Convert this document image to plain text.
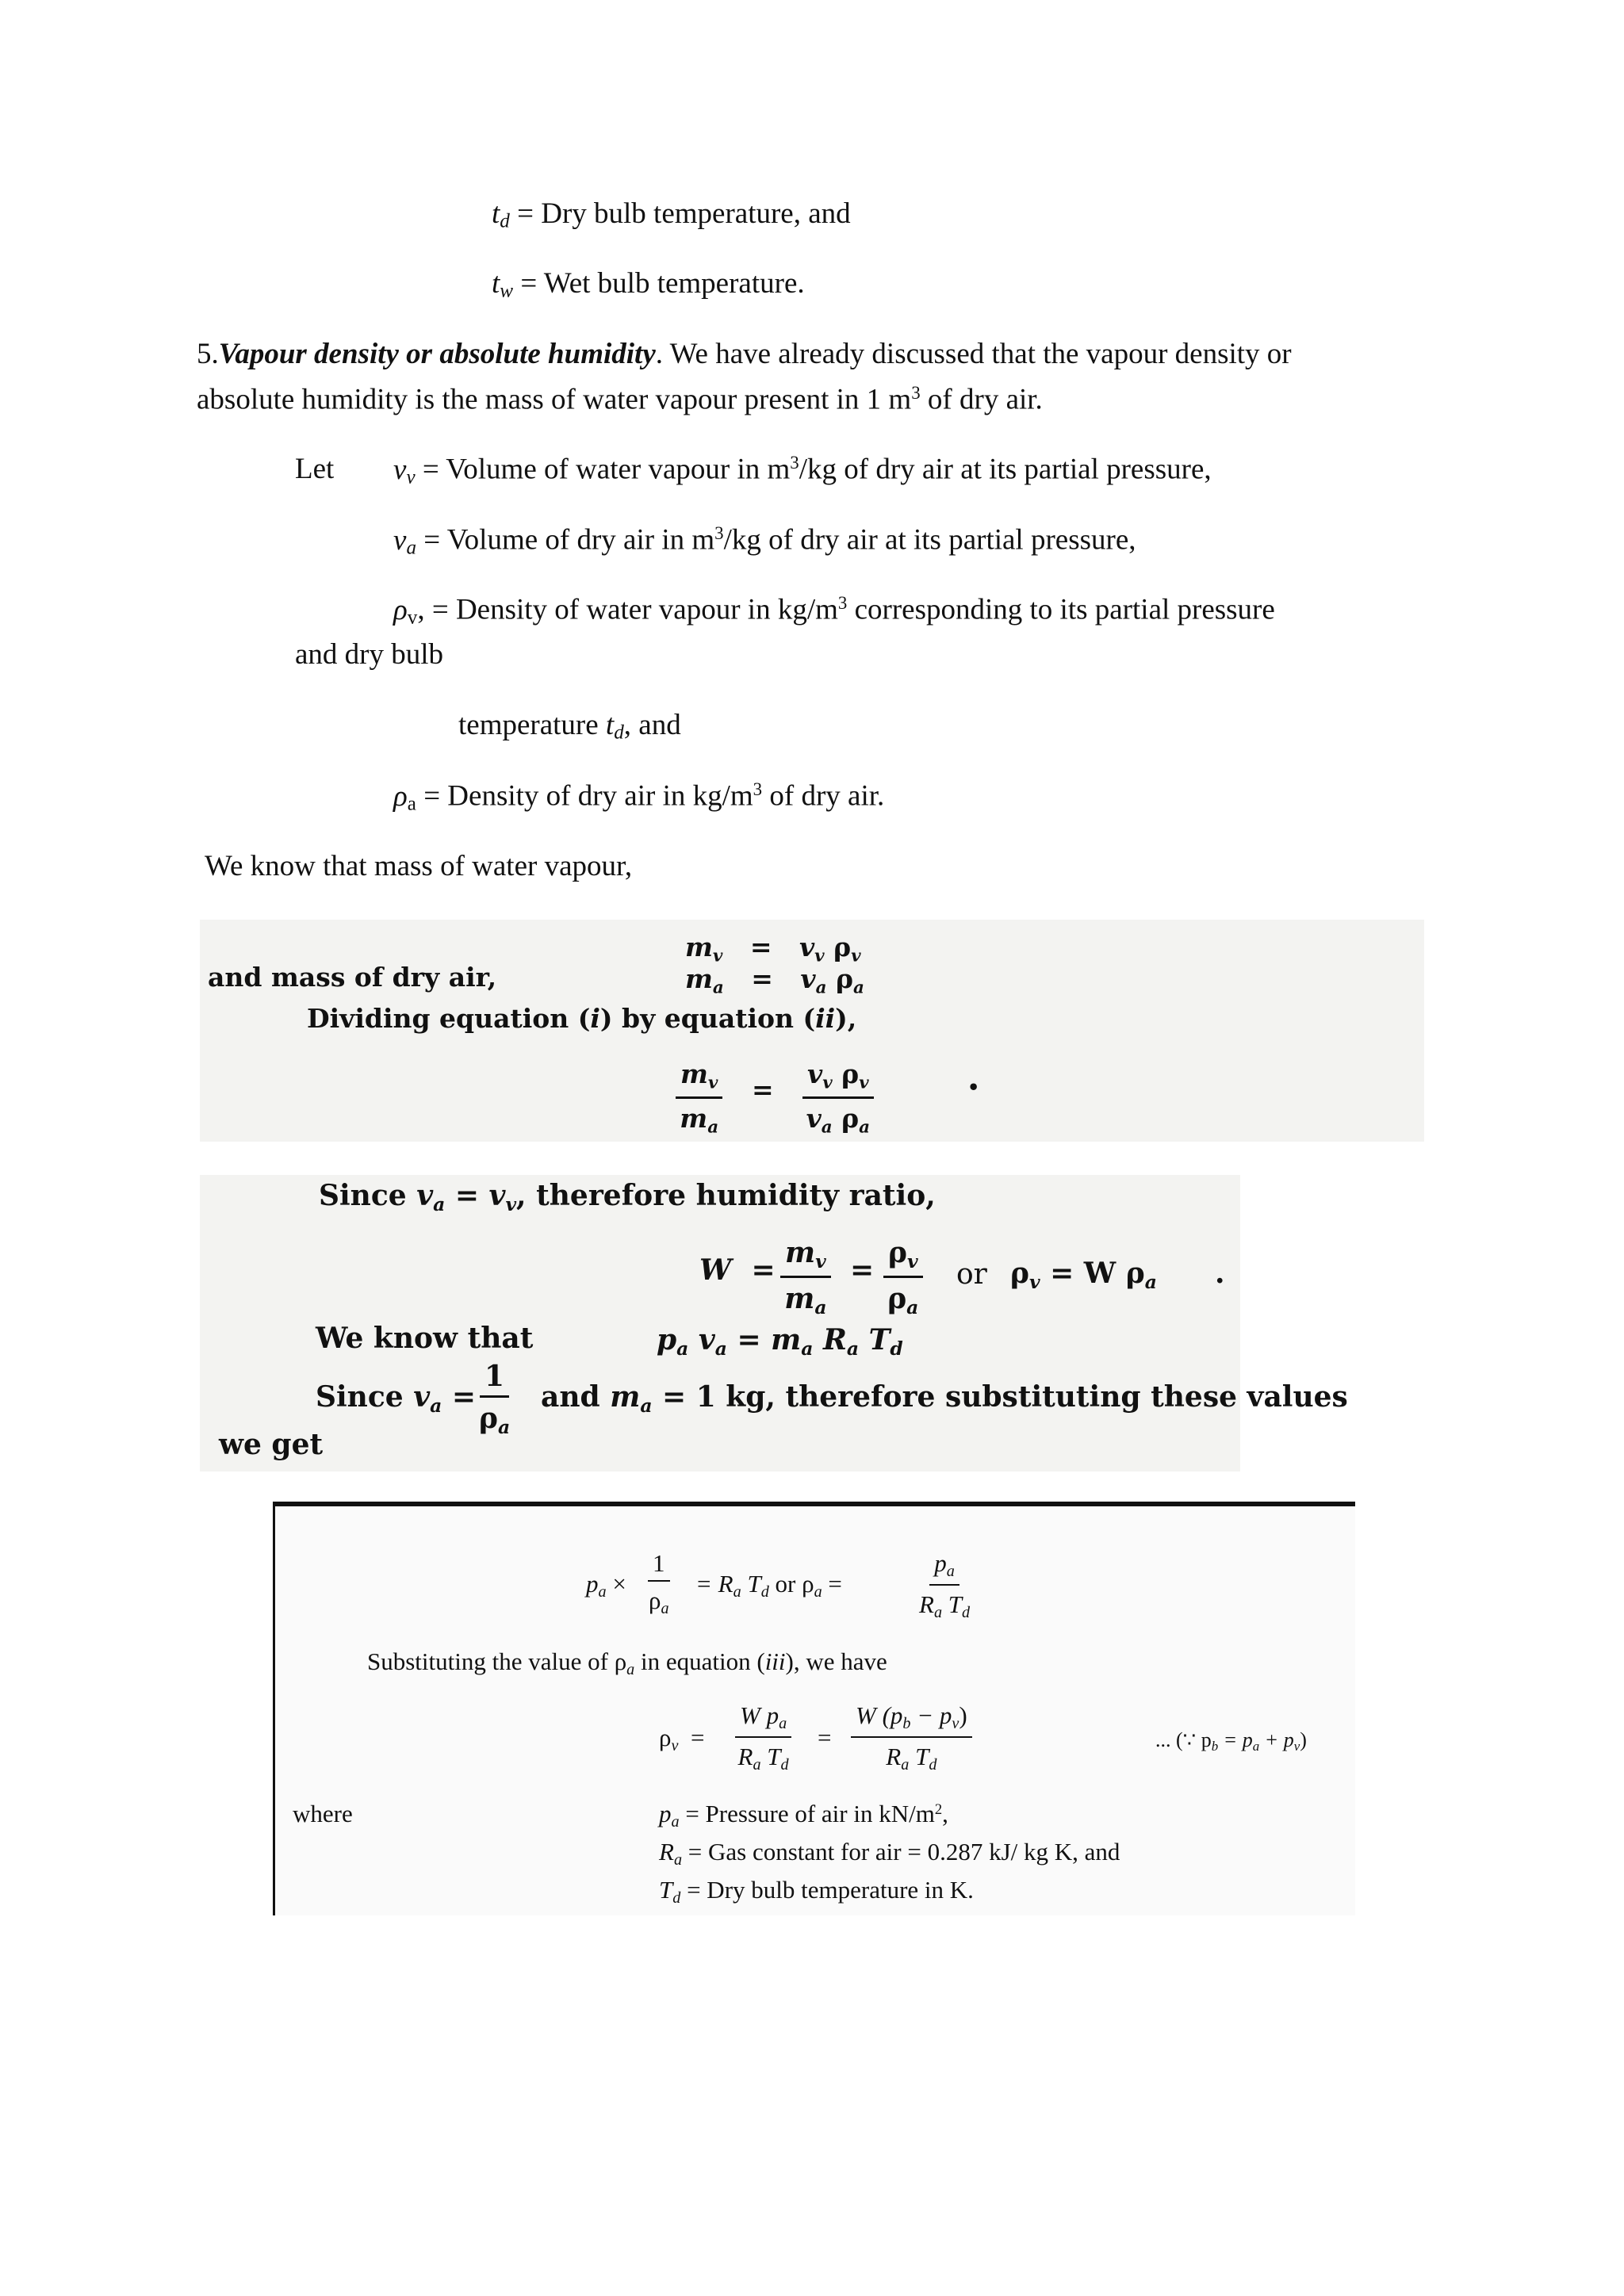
$t_d$ = Dry bulb temperature, and
$t_w$ = Wet bulb temperature.
5.Vapour density or absolute humidity. We have already discussed that the vapour density or
absolute humidity is the mass of water vapour present in 1 $m^3$ of dry air.
Let $v_v$ = Volume of water vapour in $m^3/kg$ of dry air at its partial pressure,
$v_a$ = Volume of dry air in $m^3/kg$ of dry air at its partial pressure,
$\rho_v$, = Density of water vapour in $kg/m^3$ corresponding to its partial pressure
and dry bulb
temperature $t_d$, and
$\rho_a$ = Density of dry air in $kg/m^3$ of dry air.
We know that mass of water vapour,
mv = vv ρv
and mass of dry air,	ma = va ρa
Dividing equation (i) by equation (ii),
$\frac{mv}{ma} = \frac{\text{vv ρv}}{\text{va ρa}}$	•
Since va = vv, therefore humidity ratio,
$W = \frac{mv}{ma} = \frac{\rho v}{\rho a}$ or ρv = W ρa .
We know that	pa va = ma Ra Td
Since va = $\frac{1}{\rho a}$ and ma = 1 kg, therefore substituting these values
we get
pa × $\frac{1}{\rho a} = Ra$ Td or ρa =	$\frac{pa}{\text{Ra Td}}$
Substituting the value of ρa in equation (iii), we have
$\rho v = \frac{\text{W pa}}{\text{Ra Td}} = \frac{W (pb - pv)}{\text{Ra Td}}$	... (∵ pb = pa + pv)
where	pa = Pressure of air in $kN/m^2$,
Ra = Gas constant for air = 0.287 kJ/ kg K, and
Td = Dry bulb temperature in K.
